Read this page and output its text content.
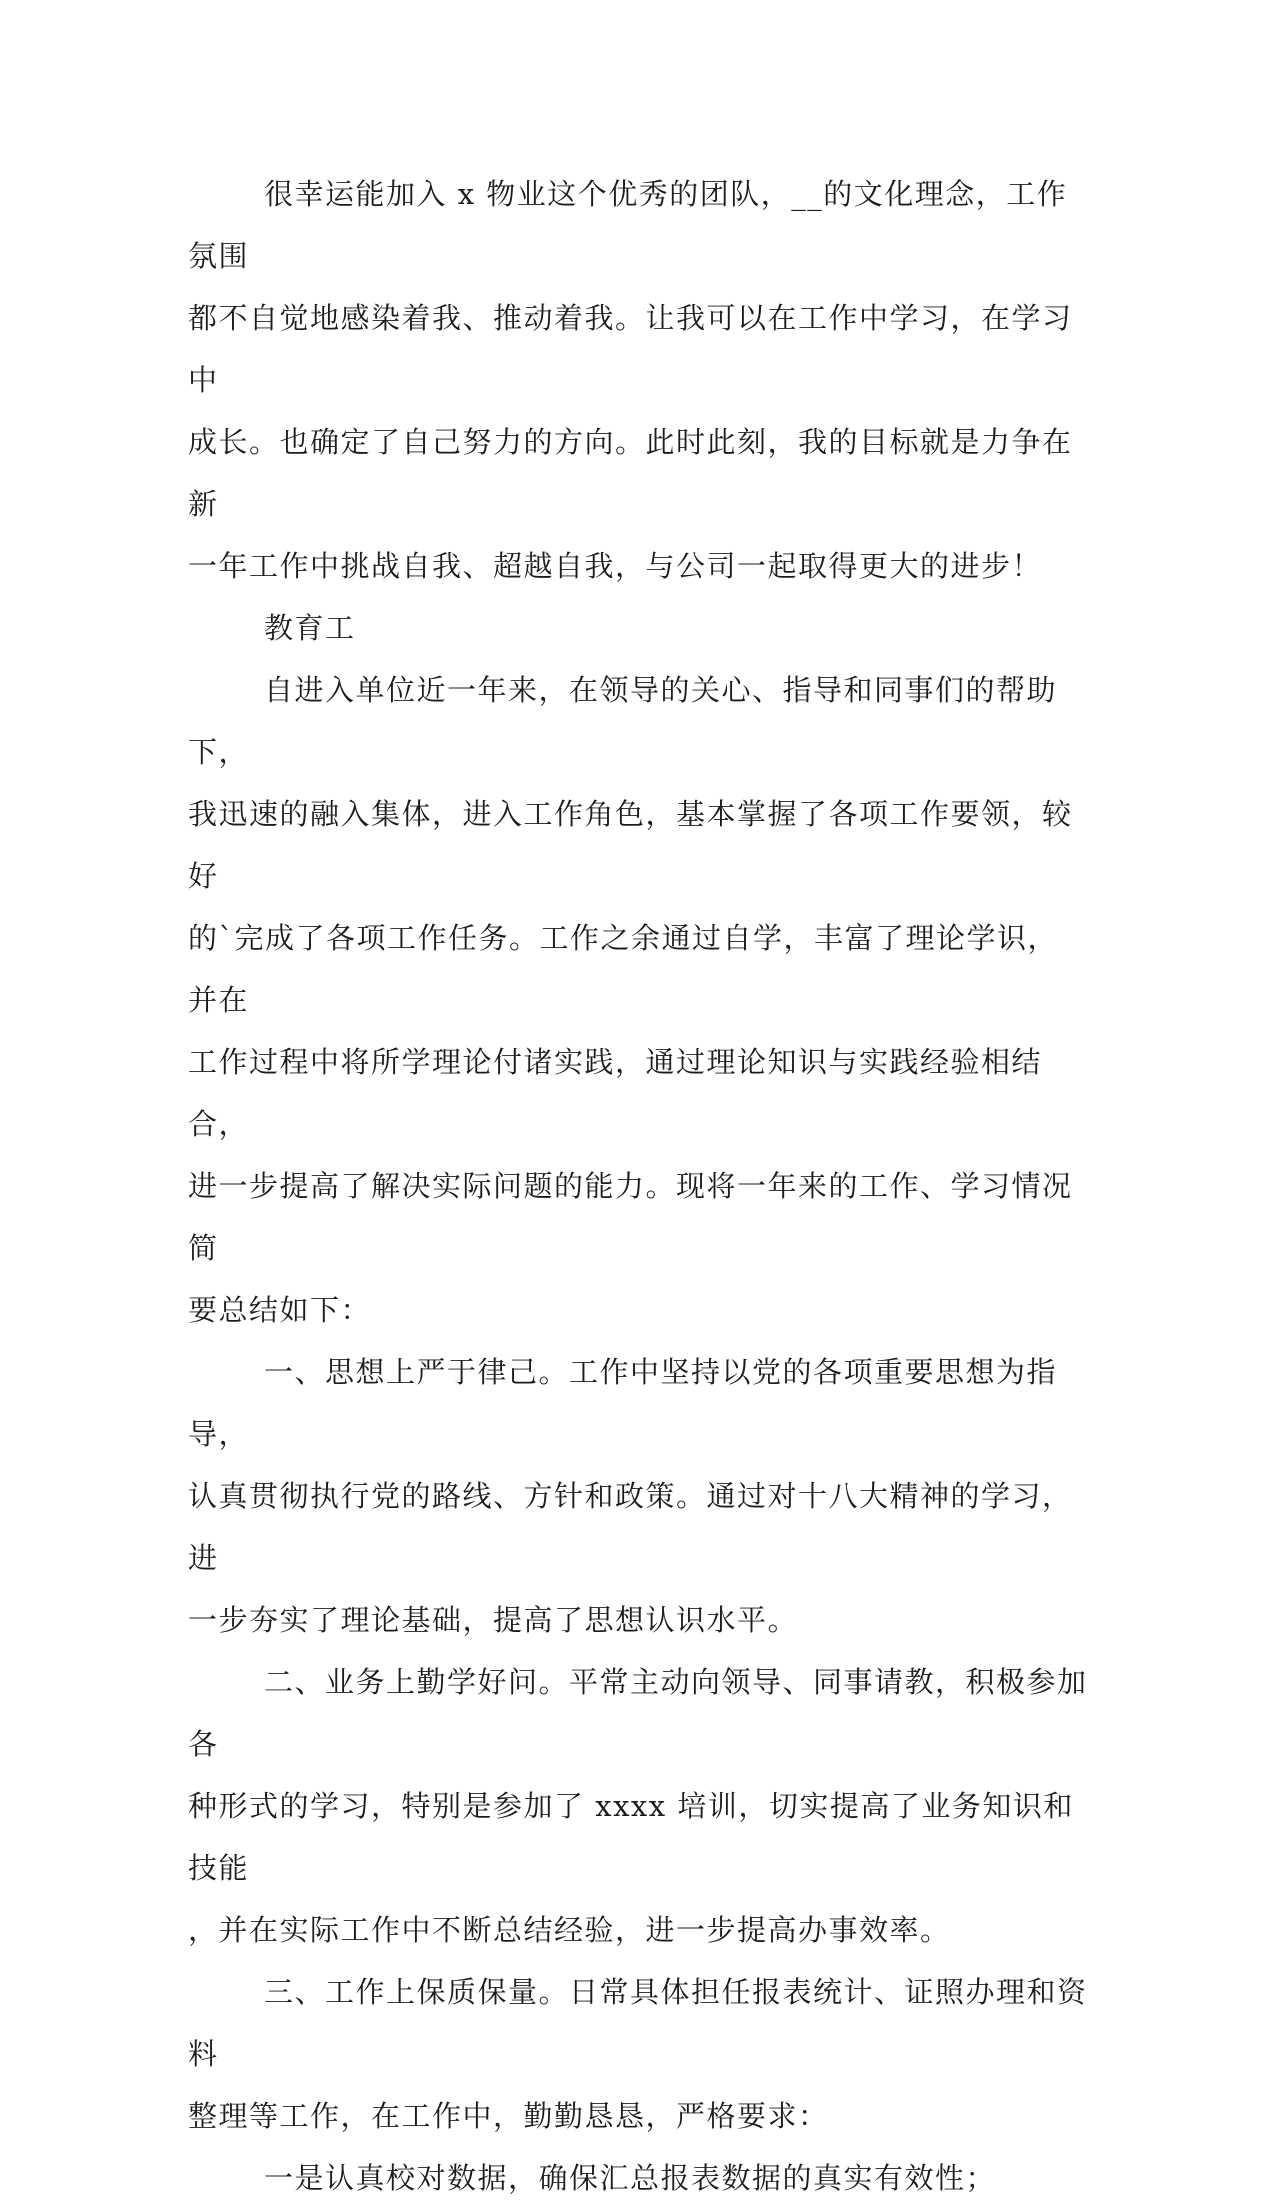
很幸运能加入 x 物业这个优秀的团队，__的文化理念，工作氛围
都不自觉地感染着我、推动着我。让我可以在工作中学习，在学习中
成长。也确定了自己努力的方向。此时此刻，我的目标就是力争在新
一年工作中挑战自我、超越自我，与公司一起取得更大的进步！

教育工

自进入单位近一年来，在领导的关心、指导和同事们的帮助下，
我迅速的融入集体，进入工作角色，基本掌握了各项工作要领，较好
的`完成了各项工作任务。工作之余通过自学，丰富了理论学识，并在
工作过程中将所学理论付诸实践，通过理论知识与实践经验相结合，
进一步提高了解决实际问题的能力。现将一年来的工作、学习情况简
要总结如下：

一、思想上严于律己。工作中坚持以党的各项重要思想为指导，
认真贯彻执行党的路线、方针和政策。通过对十八大精神的学习，进
一步夯实了理论基础，提高了思想认识水平。

二、业务上勤学好问。平常主动向领导、同事请教，积极参加各
种形式的学习，特别是参加了 xxxx 培训，切实提高了业务知识和技能
，并在实际工作中不断总结经验，进一步提高办事效率。

三、工作上保质保量。日常具体担任报表统计、证照办理和资料
整理等工作，在工作中，勤勤恳恳，严格要求：

一是认真校对数据，确保汇总报表数据的真实有效性；
